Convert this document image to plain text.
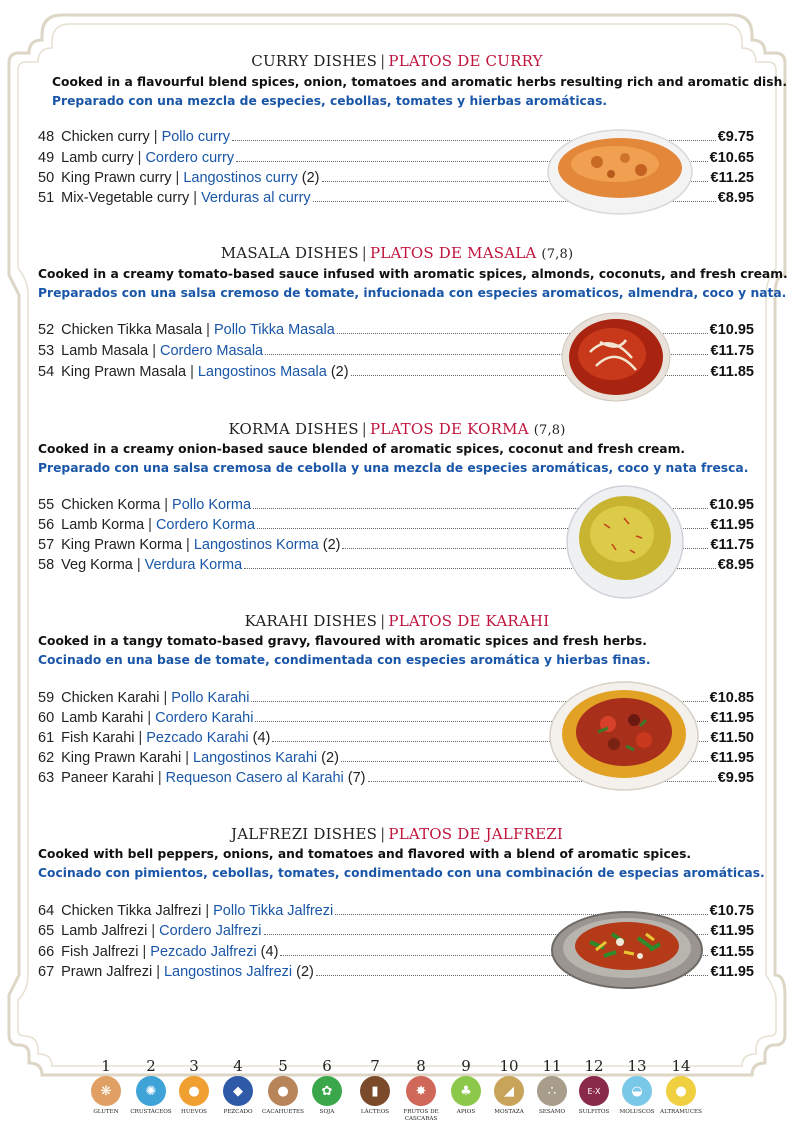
CURRY DISHES | PLATOS DE CURRY
Cooked in a flavourful blend spices, onion, tomatoes and aromatic herbs resulting rich and aromatic dish.
Preparado con una mezcla de especies, cebollas, tomates y hierbas aromáticas.
48 Chicken curry | Pollo curry	€9.75
49 Lamb curry | Cordero curry	€10.65
50 King Prawn curry | Langostinos curry (2)	€11.25
51 Mix-Vegetable curry | Verduras al curry	€8.95
MASALA DISHES | PLATOS DE MASALA (7,8)
Cooked in a creamy tomato-based sauce infused with aromatic spices, almonds, coconuts, and fresh cream.
Preparados con una salsa cremoso de tomate, infucionada con especies aromaticos, almendra, coco y nata.
52 Chicken Tikka Masala | Pollo Tikka Masala	€10.95
53 Lamb Masala | Cordero Masala	€11.75
54 King Prawn Masala | Langostinos Masala (2)	€11.85
KORMA DISHES | PLATOS DE KORMA (7,8)
Cooked in a creamy onion-based sauce blended of aromatic spices, coconut and fresh cream.
Preparado con una salsa cremosa de cebolla y una mezcla de especies aromáticas, coco y nata fresca.
55 Chicken Korma | Pollo Korma	€10.95
56 Lamb Korma | Cordero Korma	€11.95
57 King Prawn Korma | Langostinos Korma (2)	€11.75
58 Veg Korma | Verdura Korma	€8.95
KARAHI DISHES | PLATOS DE KARAHI
Cooked in a tangy tomato-based gravy, flavoured with aromatic spices and fresh herbs.
Cocinado en una base de tomate, condimentada con especies aromática y hierbas finas.
59 Chicken Karahi | Pollo Karahi	€10.85
60 Lamb Karahi | Cordero Karahi	€11.95
61 Fish Karahi | Pezcado Karahi (4)	€11.50
62 King Prawn Karahi | Langostinos Karahi (2)	€11.95
63 Paneer Karahi | Requeson Casero al Karahi (7)	€9.95
JALFREZI DISHES | PLATOS DE JALFREZI
Cooked with bell peppers, onions, and tomatoes and flavored with a blend of aromatic spices.
Cocinado con pimientos, cebollas, tomates, condimentado con una combinación de especias aromáticas.
64 Chicken Tikka Jalfrezi | Pollo Tikka Jalfrezi	€10.75
65 Lamb Jalfrezi | Cordero Jalfrezi	€11.95
66 Fish Jalfrezi | Pezcado Jalfrezi (4)	€11.55
67 Prawn Jalfrezi | Langostinos Jalfrezi (2)	€11.95
1
❋
GLUTEN
2
✺
CRUSTÁCEOS
3
●
HUEVOS
4
◆
PEZCADO
5
●
CACAHUETES
6
✿
SOJA
7
▮
LÁCTEOS
8
✸
FRUTOS DE CASCARAS
9
♣
APIOS
10
◢
MOSTAZA
11
∴
SESAMO
12
E-X
SULFITOS
13
◒
MOLUSCOS
14
●
ALTRAMUCES
